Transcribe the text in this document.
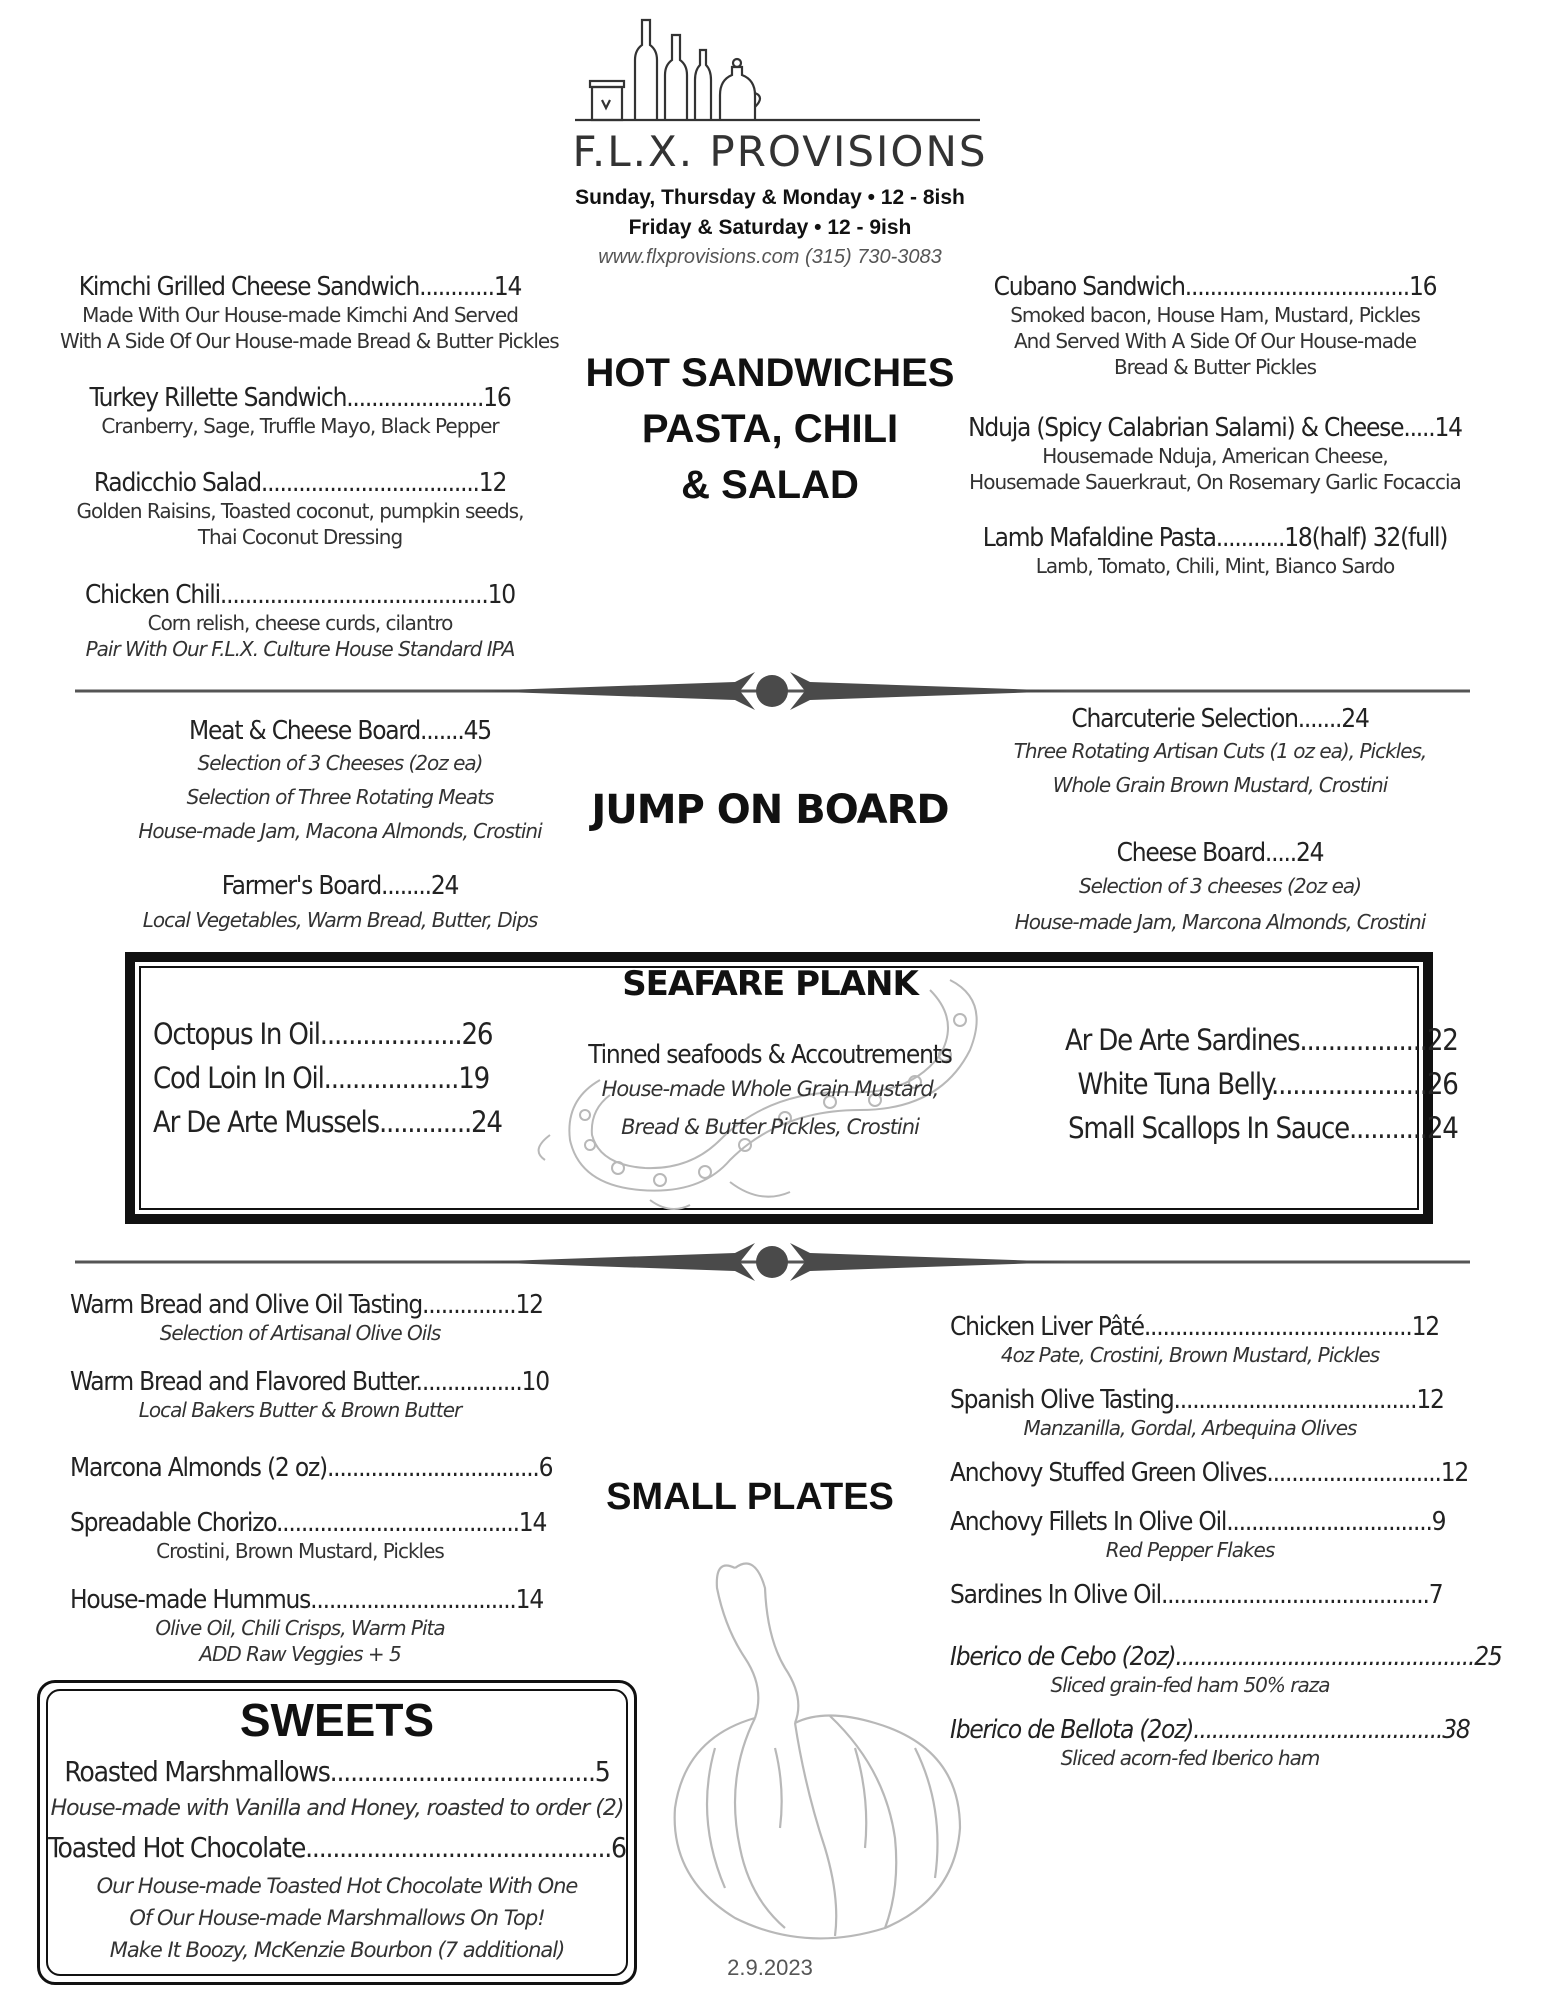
F.L.X. PROVISIONS
Sunday, Thursday & Monday • 12 - 8ish
Friday & Saturday • 12 - 9ish
www.flxprovisions.com (315) 730-3083
HOT SANDWICHES
PASTA, CHILI
& SALAD
Kimchi Grilled Cheese Sandwich............14
Made With Our House-made Kimchi And Served
With A Side Of Our House-made Bread & Butter Pickles
Turkey Rillette Sandwich......................16
Cranberry, Sage, Truffle Mayo, Black Pepper
Radicchio Salad...................................12
Golden Raisins, Toasted coconut, pumpkin seeds,
Thai Coconut Dressing
Chicken Chili...........................................10
Corn relish, cheese curds, cilantro
Pair With Our F.L.X. Culture House Standard IPA
Cubano Sandwich....................................16
Smoked bacon, House Ham, Mustard, Pickles
And Served With A Side Of Our House-made
Bread & Butter Pickles
Nduja (Spicy Calabrian Salami) & Cheese.....14
Housemade Nduja, American Cheese,
Housemade Sauerkraut, On Rosemary Garlic Focaccia
Lamb Mafaldine Pasta...........18(half) 32(full)
Lamb, Tomato, Chili, Mint, Bianco Sardo
JUMP ON BOARD
Meat & Cheese Board.......45
Selection of 3 Cheeses (2oz ea)
Selection of Three Rotating Meats
House-made Jam, Macona Almonds, Crostini
Farmer's Board........24
Local Vegetables, Warm Bread, Butter, Dips
Charcuterie Selection.......24
Three Rotating Artisan Cuts (1 oz ea), Pickles,
Whole Grain Brown Mustard, Crostini
Cheese Board.....24
Selection of 3 cheeses (2oz ea)
House-made Jam, Marcona Almonds, Crostini
SEAFARE PLANK
Octopus In Oil....................26
Cod Loin In Oil...................19
Ar De Arte Mussels.............24
Tinned seafoods & Accoutrements
House-made Whole Grain Mustard,
Bread & Butter Pickles, Crostini
Ar De Arte Sardines..................22
White Tuna Belly......................26
Small Scallops In Sauce...........24
SMALL PLATES
Warm Bread and Olive Oil Tasting...............12
Selection of Artisanal Olive Oils
Warm Bread and Flavored Butter.................10
Local Bakers Butter & Brown Butter
Marcona Almonds (2 oz)..................................6
Spreadable Chorizo.......................................14
Crostini, Brown Mustard, Pickles
House-made Hummus.................................14
Olive Oil, Chili Crisps, Warm Pita
ADD Raw Veggies + 5
Chicken Liver Pâté...........................................12
4oz Pate, Crostini, Brown Mustard, Pickles
Spanish Olive Tasting.......................................12
Manzanilla, Gordal, Arbequina Olives
Anchovy Stuffed Green Olives............................12
Anchovy Fillets In Olive Oil.................................9
Red Pepper Flakes
Sardines In Olive Oil...........................................7
Iberico de Cebo (2oz)................................................25
Sliced grain-fed ham 50% raza
Iberico de Bellota (2oz)........................................38
Sliced acorn-fed Iberico ham
SWEETS
Roasted Marshmallows.......................................5
House-made with Vanilla and Honey, roasted to order (2)
Toasted Hot Chocolate.............................................6
Our House-made Toasted Hot Chocolate With One
Of Our House-made Marshmallows On Top!
Make It Boozy, McKenzie Bourbon (7 additional)
2.9.2023
